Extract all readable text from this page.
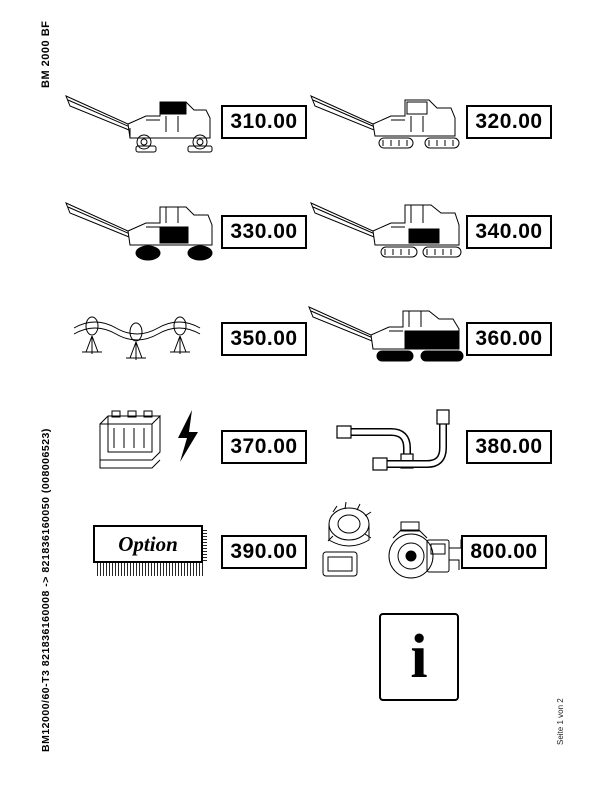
BM 2000 BF
BM12000/60-T3 821836160008 -> 821836160050 (008006523)	Seite 1 von 2
310.00	320.00
330.00	340.00
350.00	360.00
370.00	380.00
390.00
Option	800.00
i
